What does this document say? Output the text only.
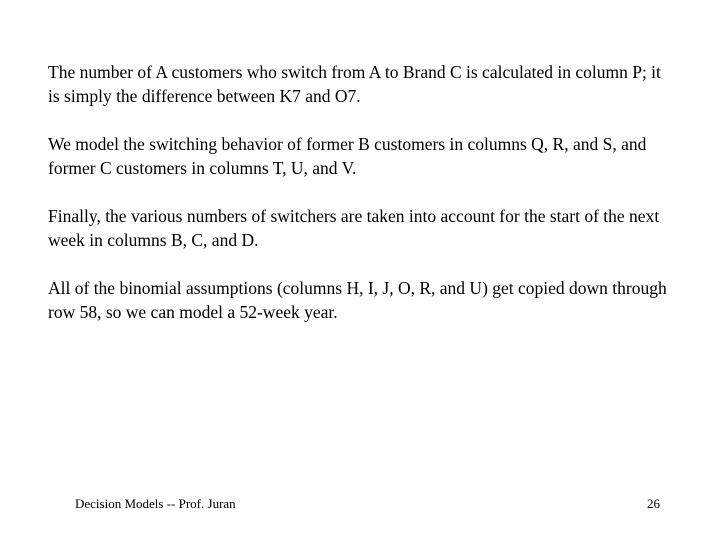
The number of A customers who switch from A to Brand C is calculated in column P; it is simply the difference between K7 and O7.

We model the switching behavior of former B customers in columns Q, R, and S, and former C customers in columns T, U, and V.

Finally, the various numbers of switchers are taken into account for the start of the next week in columns B, C, and D.

All of the binomial assumptions (columns H, I, J, O, R, and U) get copied down through row 58, so we can model a 52-week year.

Decision Models -- Prof. Juran	26
